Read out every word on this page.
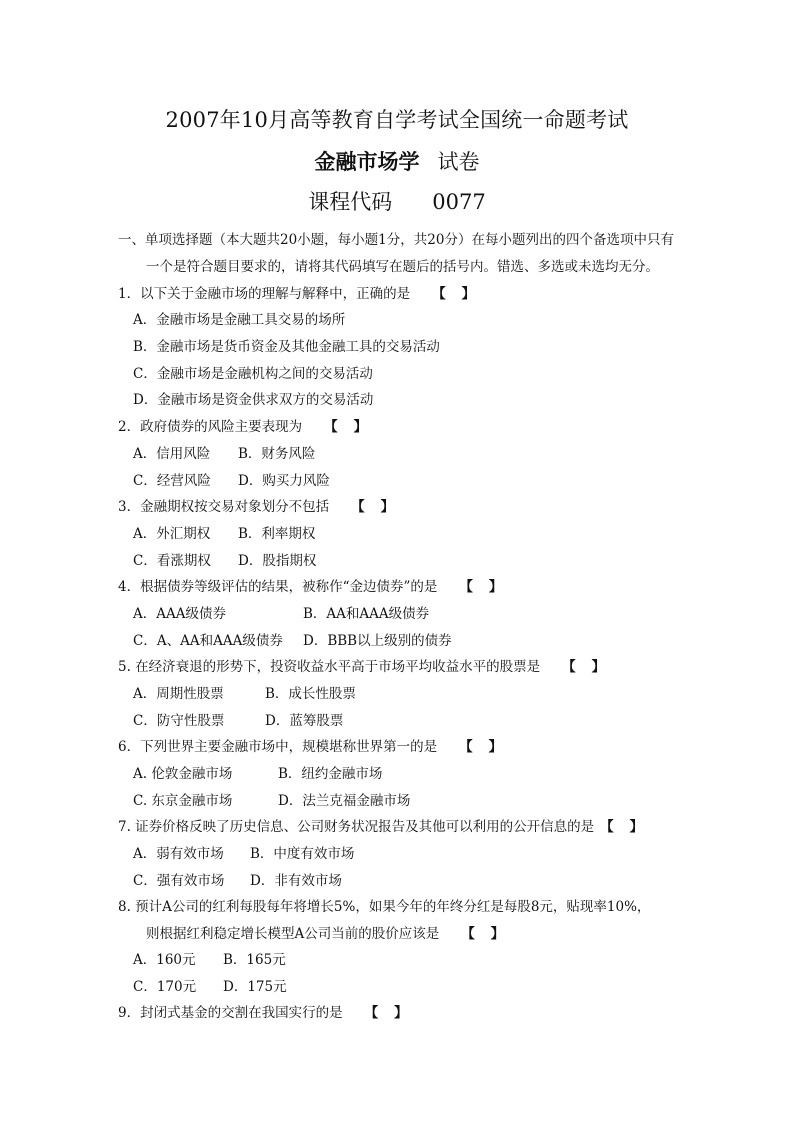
2007年10月高等教育自学考试全国统一命题考试
金融市场学 试卷
课程代码 0077
一、单项选择题（本大题共20小题，每小题1分，共20分）在每小题列出的四个备选项中只有
一个是符合题目要求的，请将其代码填写在题后的括号内。错选、多选或未选均无分。
1．以下关于金融市场的理解与解释中，正确的是 【】
A．金融市场是金融工具交易的场所
B．金融市场是货币资金及其他金融工具的交易活动
C．金融市场是金融机构之间的交易活动
D．金融市场是资金供求双方的交易活动
2．政府债券的风险主要表现为 【】
A．信用风险 B．财务风险
C．经营风险 D．购买力风险
3．金融期权按交易对象划分不包括 【】
A．外汇期权 B．利率期权
C．看涨期权 D．股指期权
4．根据债券等级评估的结果，被称作“金边债券”的是 【】
A．AAA级债券	B．AA和AAA级债券
C．A、AA和AAA级债券 D．BBB以上级别的债券
5. 在经济衰退的形势下，投资收益水平高于市场平均收益水平的股票是 【】
A．周期性股票	B．成长性股票
C．防守性股票	D．蓝筹股票
6．下列世界主要金融市场中，规模堪称世界第一的是 【】
A. 伦敦金融市场	B．纽约金融市场
C. 东京金融市场	D．法兰克福金融市场
7. 证券价格反映了历史信息、公司财务状况报告及其他可以利用的公开信息的是 【】
A．弱有效市场 B．中度有效市场
C．强有效市场 D．非有效市场
8. 预计A公司的红利每股每年将增长5%，如果今年的年终分红是每股8元，贴现率10%，
则根据红利稳定增长模型A公司当前的股价应该是 【】
A．160元 B．165元
C．170元 D．175元
9．封闭式基金的交割在我国实行的是 【】
